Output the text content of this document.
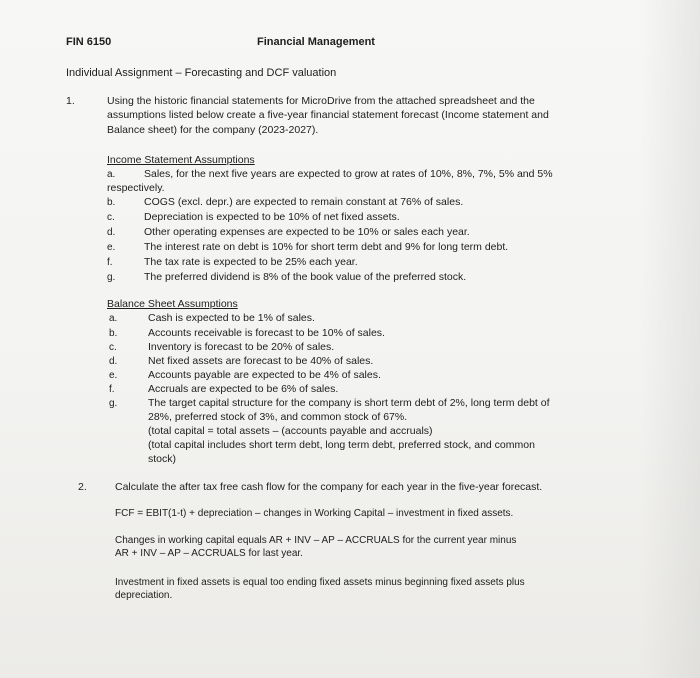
FIN 6150	Financial Management
Individual Assignment – Forecasting and DCF valuation
1.	Using the historic financial statements for MicroDrive from the attached spreadsheet and the
assumptions listed below create a five-year financial statement forecast (Income statement and
Balance sheet) for the company (2023-2027).
Income Statement Assumptions
a.	Sales, for the next five years are expected to grow at rates of 10%, 8%, 7%, 5% and 5%
respectively.
b.	COGS (excl. depr.) are expected to remain constant at 76% of sales.
c.	Depreciation is expected to be 10% of net fixed assets.
d.	Other operating expenses are expected to be 10% or sales each year.
e.	The interest rate on debt is 10% for short term debt and 9% for long term debt.
f.	The tax rate is expected to be 25% each year.
g.	The preferred dividend is 8% of the book value of the preferred stock.
Balance Sheet Assumptions
a.	Cash is expected to be 1% of sales.
b.	Accounts receivable is forecast to be 10% of sales.
c.	Inventory is forecast to be 20% of sales.
d.	Net fixed assets are forecast to be 40% of sales.
e.	Accounts payable are expected to be 4% of sales.
f.	Accruals are expected to be 6% of sales.
g.	The target capital structure for the company is short term debt of 2%, long term debt of
28%, preferred stock of 3%, and common stock of 67%.
(total capital = total assets – (accounts payable and accruals)
(total capital includes short term debt, long term debt, preferred stock, and common
stock)
2.	Calculate the after tax free cash flow for the company for each year in the five-year forecast.
FCF = EBIT(1-t) + depreciation – changes in Working Capital – investment in fixed assets.
Changes in working capital equals AR + INV – AP – ACCRUALS for the current year minus
AR + INV – AP – ACCRUALS for last year.
Investment in fixed assets is equal too ending fixed assets minus beginning fixed assets plus
depreciation.
